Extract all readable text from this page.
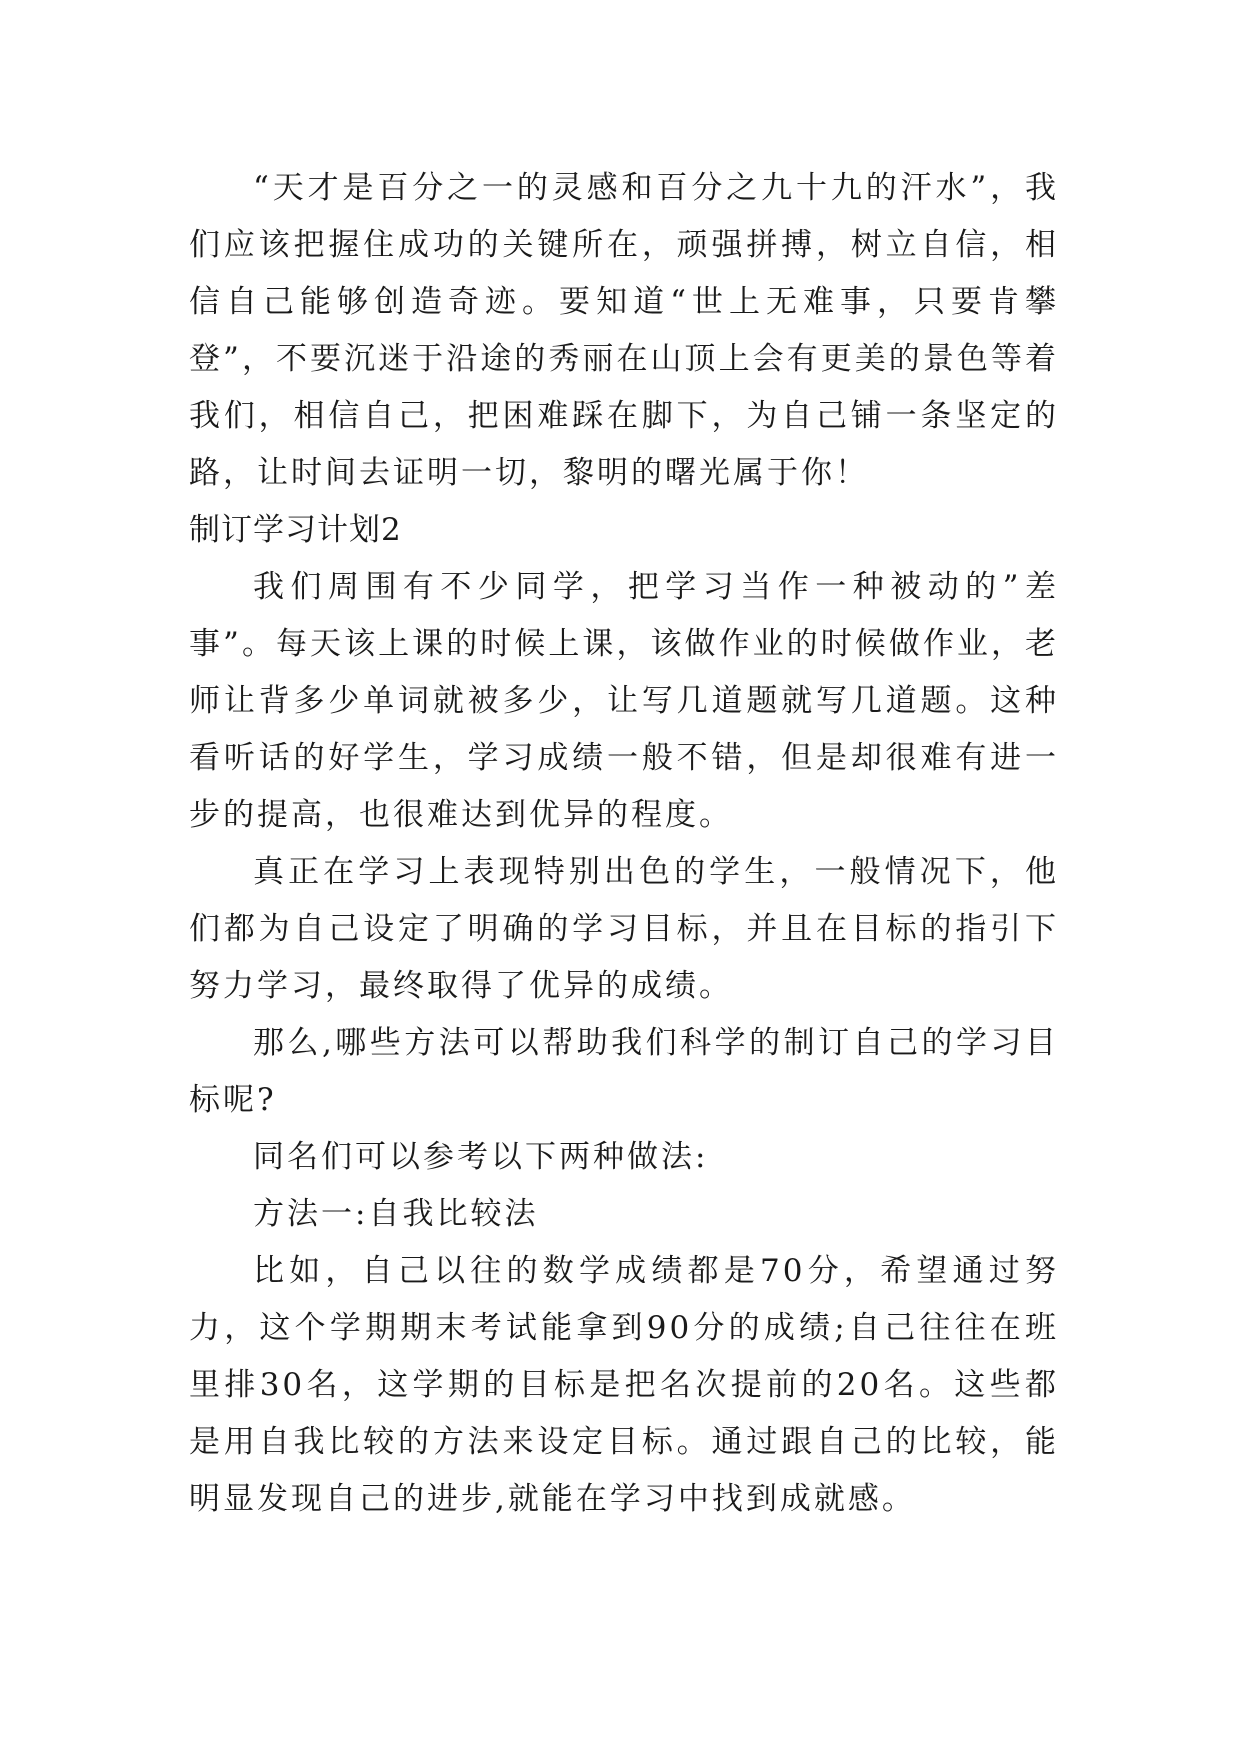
“天才是百分之一的灵感和百分之九十九的汗水”，我们应该把握住成功的关键所在，顽强拼搏，树立自信，相信自己能够创造奇迹。要知道“世上无难事，只要肯攀登”，不要沉迷于沿途的秀丽在山顶上会有更美的景色等着我们，相信自己，把困难踩在脚下，为自己铺一条坚定的路，让时间去证明一切，黎明的曙光属于你！

制订学习计划2

我们周围有不少同学，把学习当作一种被动的”差事”。每天该上课的时候上课，该做作业的时候做作业，老师让背多少单词就被多少，让写几道题就写几道题。这种看听话的好学生，学习成绩一般不错，但是却很难有进一步的提高，也很难达到优异的程度。

真正在学习上表现特别出色的学生，一般情况下，他们都为自己设定了明确的学习目标，并且在目标的指引下努力学习，最终取得了优异的成绩。

那么,哪些方法可以帮助我们科学的制订自己的学习目标呢?

同名们可以参考以下两种做法:

方法一:自我比较法

比如，自己以往的数学成绩都是70分，希望通过努力，这个学期期末考试能拿到90分的成绩;自己往往在班里排30名，这学期的目标是把名次提前的20名。这些都是用自我比较的方法来设定目标。通过跟自己的比较，能明显发现自己的进步,就能在学习中找到成就感。
